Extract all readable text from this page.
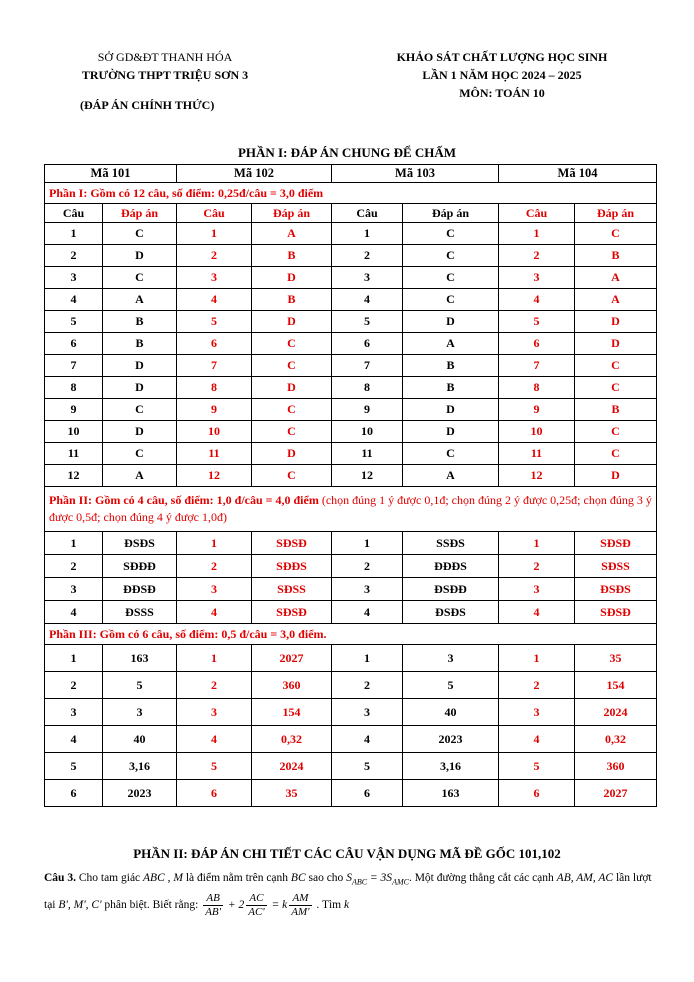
SỞ GD&ĐT THANH HÓA
TRƯỜNG THPT TRIỆU SƠN 3
(ĐÁP ÁN CHÍNH THỨC)
KHẢO SÁT CHẤT LƯỢNG HỌC SINH
LẦN 1 NĂM HỌC 2024 – 2025
MÔN: TOÁN 10
PHẦN I: ĐÁP ÁN CHUNG ĐỂ CHẤM
Mã 101		Mã 102		Mã 103		Mã 104	
Phần I: Gồm có 12 câu, số điểm: 0,25đ/câu = 3,0 điểm							
Câu	Đáp án	Câu	Đáp án	Câu	Đáp án	Câu	Đáp án
1	C	1	A	1	C	1	C
2	D	2	B	2	C	2	B
3	C	3	D	3	C	3	A
4	A	4	B	4	C	4	A
5	B	5	D	5	D	5	D
6	B	6	C	6	A	6	D
7	D	7	C	7	B	7	C
8	D	8	D	8	B	8	C
9	C	9	C	9	D	9	B
10	D	10	C	10	D	10	C
11	C	11	D	11	C	11	C
12	A	12	C	12	A	12	D
Phần II: Gồm có 4 câu, số điểm: 1,0 đ/câu = 4,0 điểm (chọn đúng 1 ý được 0,1đ; chọn đúng 2 ý được 0,25đ; chọn đúng 3 ý được 0,5đ; chọn đúng 4 ý được 1,0đ)							
1	ĐSĐS	1	SĐSĐ	1	SSĐS	1	SĐSĐ
2	SĐĐĐ	2	SĐĐS	2	ĐĐĐS	2	SĐSS
3	ĐĐSĐ	3	SĐSS	3	ĐSĐĐ	3	ĐSĐS
4	ĐSSS	4	SĐSĐ	4	ĐSĐS	4	SĐSĐ
Phần III: Gồm có 6 câu, số điểm: 0,5 đ/câu = 3,0 điểm.							
1	163	1	2027	1	3	1	35
2	5	2	360	2	5	2	154
3	3	3	154	3	40	3	2024
4	40	4	0,32	4	2023	4	0,32
5	3,16	5	2024	5	3,16	5	360
6	2023	6	35	6	163	6	2027
PHẦN II: ĐÁP ÁN CHI TIẾT CÁC CÂU VẬN DỤNG MÃ ĐỀ GỐC 101,102
Câu 3. Cho tam giác ABC , M là điểm nằm trên cạnh BC sao cho $S_{ABC} = 3S_{AMC}$. Một đường thẳng cắt các cạnh AB, AM, AC lần lượt tại B', M', C' phân biệt. Biết rằng: $\frac{AB}{AB'} + 2 \frac{AC}{AC'} = k \frac{AM}{AM'}$ . Tìm k
